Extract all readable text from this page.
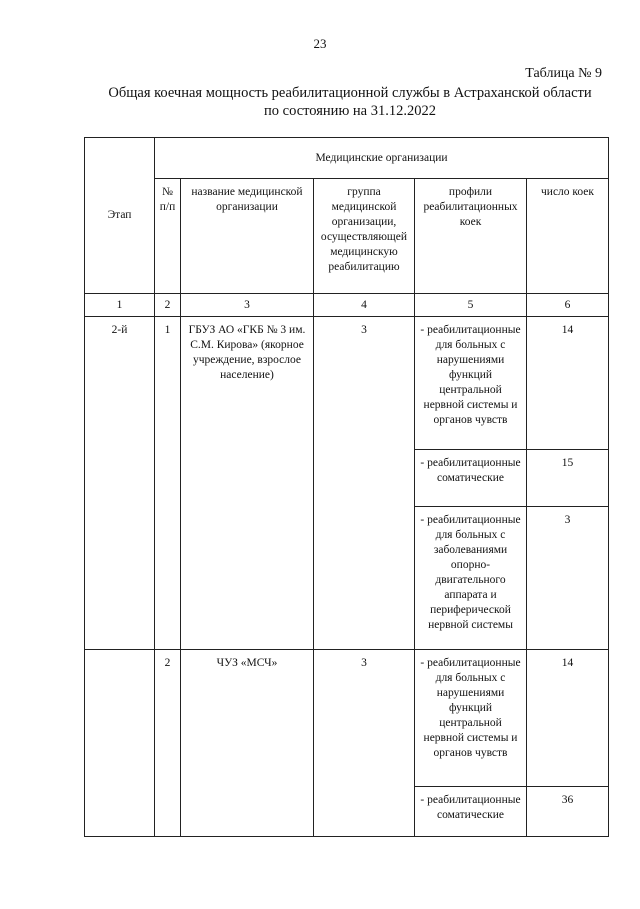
23
Таблица № 9
Общая коечная мощность реабилитационной службы в Астраханской области
по состоянию на 31.12.2022
Этап	Медицинские организации				
	№ п/п	название медицинской организации	группа медицинской организации, осуществляющей медицинскую реабилитацию	профили реабилитационных коек	число коек
1	2	3	4	5	6
2-й	1	ГБУЗ АО «ГКБ № 3 им. С.М. Кирова» (якорное учреждение, взрослое население)	3	- реабилитационные для больных с нарушениями функций центральной нервной системы и органов чувств	14
				- реабилитационные соматические	15
				- реабилитационные для больных с заболеваниями опорно-двигательного аппарата и периферической нервной системы	3
	2	ЧУЗ «МСЧ»	3	- реабилитационные для больных с нарушениями функций центральной нервной системы и органов чувств	14
				- реабилитационные соматические	36
